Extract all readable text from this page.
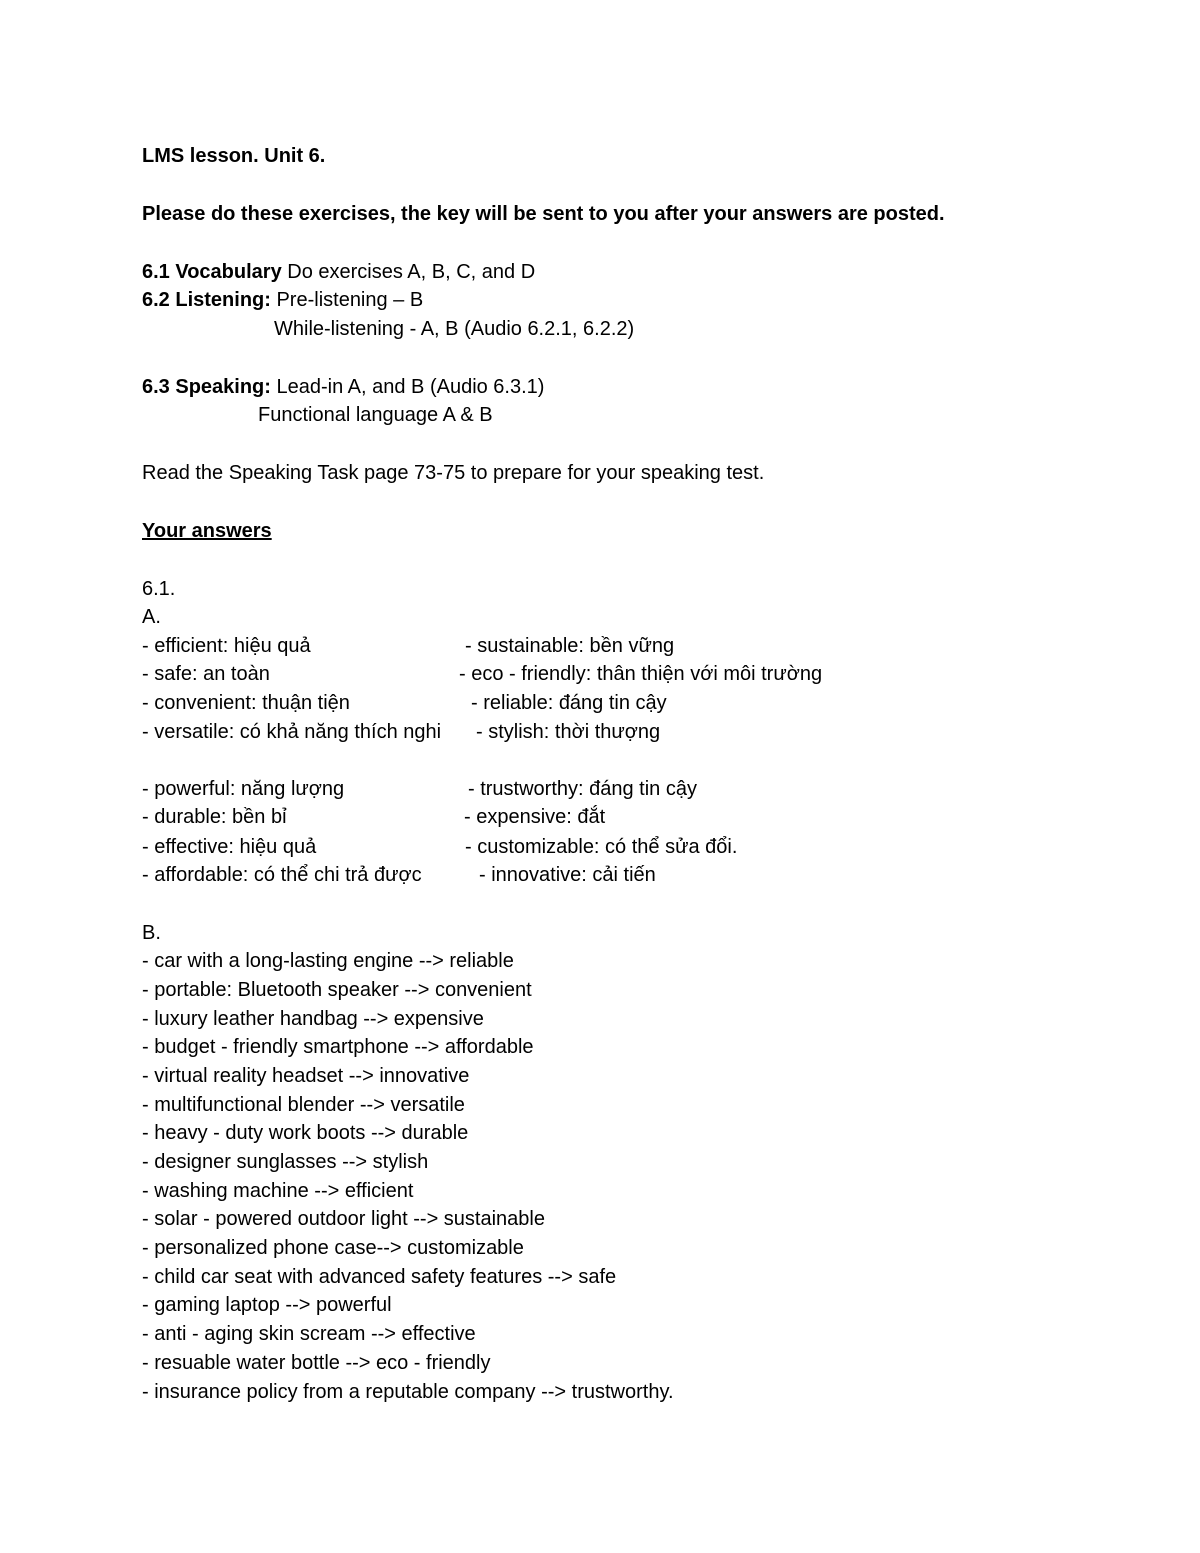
LMS lesson. Unit 6.
Please do these exercises, the key will be sent to you after your answers are posted.
6.1 Vocabulary Do exercises A, B, C, and D
6.2 Listening: Pre-listening – B
While-listening - A, B (Audio 6.2.1, 6.2.2)
6.3 Speaking: Lead-in A, and B (Audio 6.3.1)
Functional language A & B
Read the Speaking Task page 73-75 to prepare for your speaking test.
Your answers
6.1.
A.
- efficient: hiệu quả	- sustainable: bền vững
- safe: an toàn	- eco - friendly: thân thiện với môi trường
- convenient: thuận tiện	- reliable: đáng tin cậy
- versatile: có khả năng thích nghi - stylish: thời thượng
- powerful: năng lượng	- trustworthy: đáng tin cậy
- durable: bền bỉ	- expensive: đắt
- effective: hiệu quả	- customizable: có thể sửa đổi.
- affordable: có thể chi trả được	- innovative: cải tiến
B.
- car with a long-lasting engine --> reliable
- portable: Bluetooth speaker --> convenient
- luxury leather handbag --> expensive
- budget - friendly smartphone --> affordable
- virtual reality headset --> innovative
- multifunctional blender --> versatile
- heavy - duty work boots --> durable
- designer sunglasses --> stylish
- washing machine --> efficient
- solar - powered outdoor light --> sustainable
- personalized phone case--> customizable
- child car seat with advanced safety features --> safe
- gaming laptop --> powerful
- anti - aging skin scream --> effective
- resuable water bottle --> eco - friendly
- insurance policy from a reputable company --> trustworthy.
